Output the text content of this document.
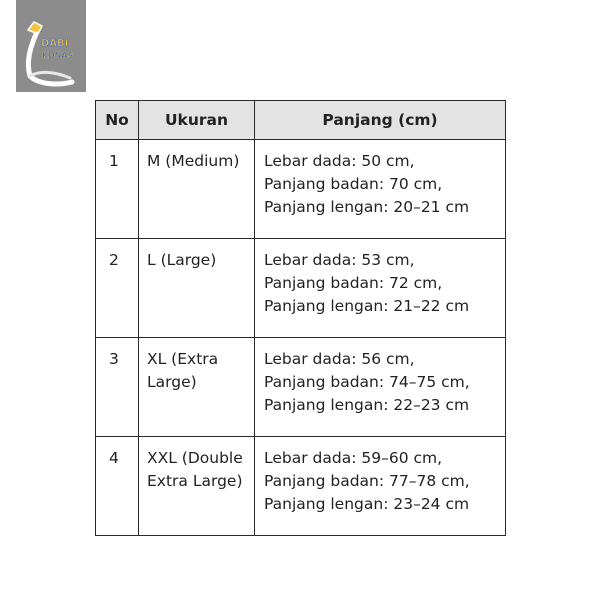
DABI
KONAS
No	Ukuran	Panjang (cm)
1	M (Medium)	Lebar dada: 50 cm,
Panjang badan: 70 cm,
Panjang lengan: 20–21 cm

2	L (Large)	Lebar dada: 53 cm,
Panjang badan: 72 cm,
Panjang lengan: 21–22 cm

3	XL (Extra
Large)	Lebar dada: 56 cm,
Panjang badan: 74–75 cm,
Panjang lengan: 22–23 cm

4	XXL (Double
Extra Large)	Lebar dada: 59–60 cm,
Panjang badan: 77–78 cm,
Panjang lengan: 23–24 cm
